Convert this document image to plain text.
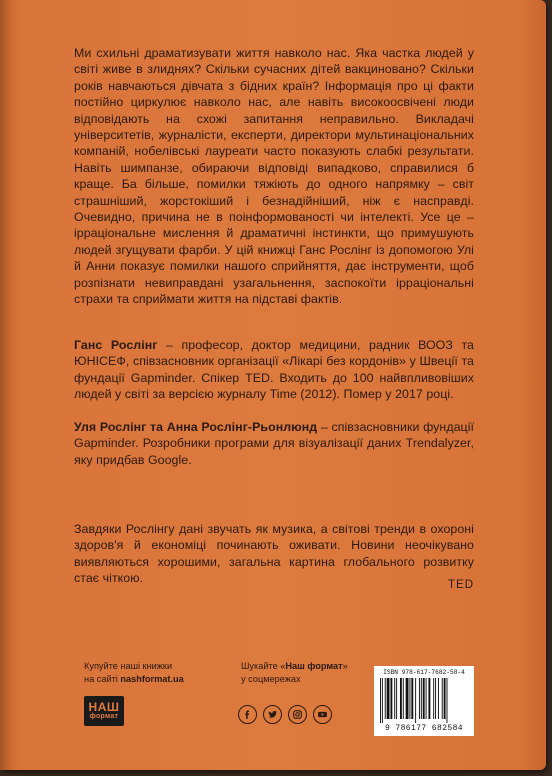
Ми схильні драматизувати життя навколо нас. Яка частка людей у світі живе в злиднях? Скільки сучасних дітей вакциновано? Скільки років навчаються дівчата з бідних країн? Інформація про ці факти постійно циркулює навколо нас, але навіть високоосвічені люди відповідають на схожі запитання неправильно. Викладачі університетів, журналісти, експерти, директори мультинаціональних компаній, нобелівські лауреати часто показують слабкі результати. Навіть шимпанзе, обираючи відповіді випадково, справилися б краще. Ба більше, помилки тяжіють до одного напрямку – світ страшніший, жорстокіший і безнадійніший, ніж є насправді. Очевидно, причина не в поінформованості чи інтелекті. Усе це – ірраціональне мислення й драматичні інстинкти, що примушують людей згущувати фарби. У цій книжці Ганс Рослінг із допомогою Улі й Анни показує помилки нашого сприйняття, дає інструменти, щоб розпізнати невиправдані узагальнення, заспокоїти ірраціональні страхи та сприймати життя на підставі фактів.

Ганс Рослінг – професор, доктор медицини, радник ВООЗ та ЮНІСЕФ, співзасновник організації «Лікарі без кордонів» у Швеції та фундації Gapminder. Спікер TED. Входить до 100 найвпливовіших людей у світі за версією журналу Time (2012). Помер у 2017 році.

Уля Рослінг та Анна Рослінг-Рьонлюнд – співзасновники фундації Gapminder. Розробники програми для візуалізації даних Trendalyzer, яку придбав Google.

Завдяки Рослінгу дані звучать як музика, а світові тренди в охороні здоров'я й економіці починають оживати. Новини неочікувано виявляються хорошими, загальна картина глобального розвитку стає чіткою.	TED
Купуйте наші книжки
на сайті nashformat.ua
Шукайте «Наш формат»
у соцмережах
НАШ
формат
ISBN 978-617-7682-58-4
9 786177 682584
